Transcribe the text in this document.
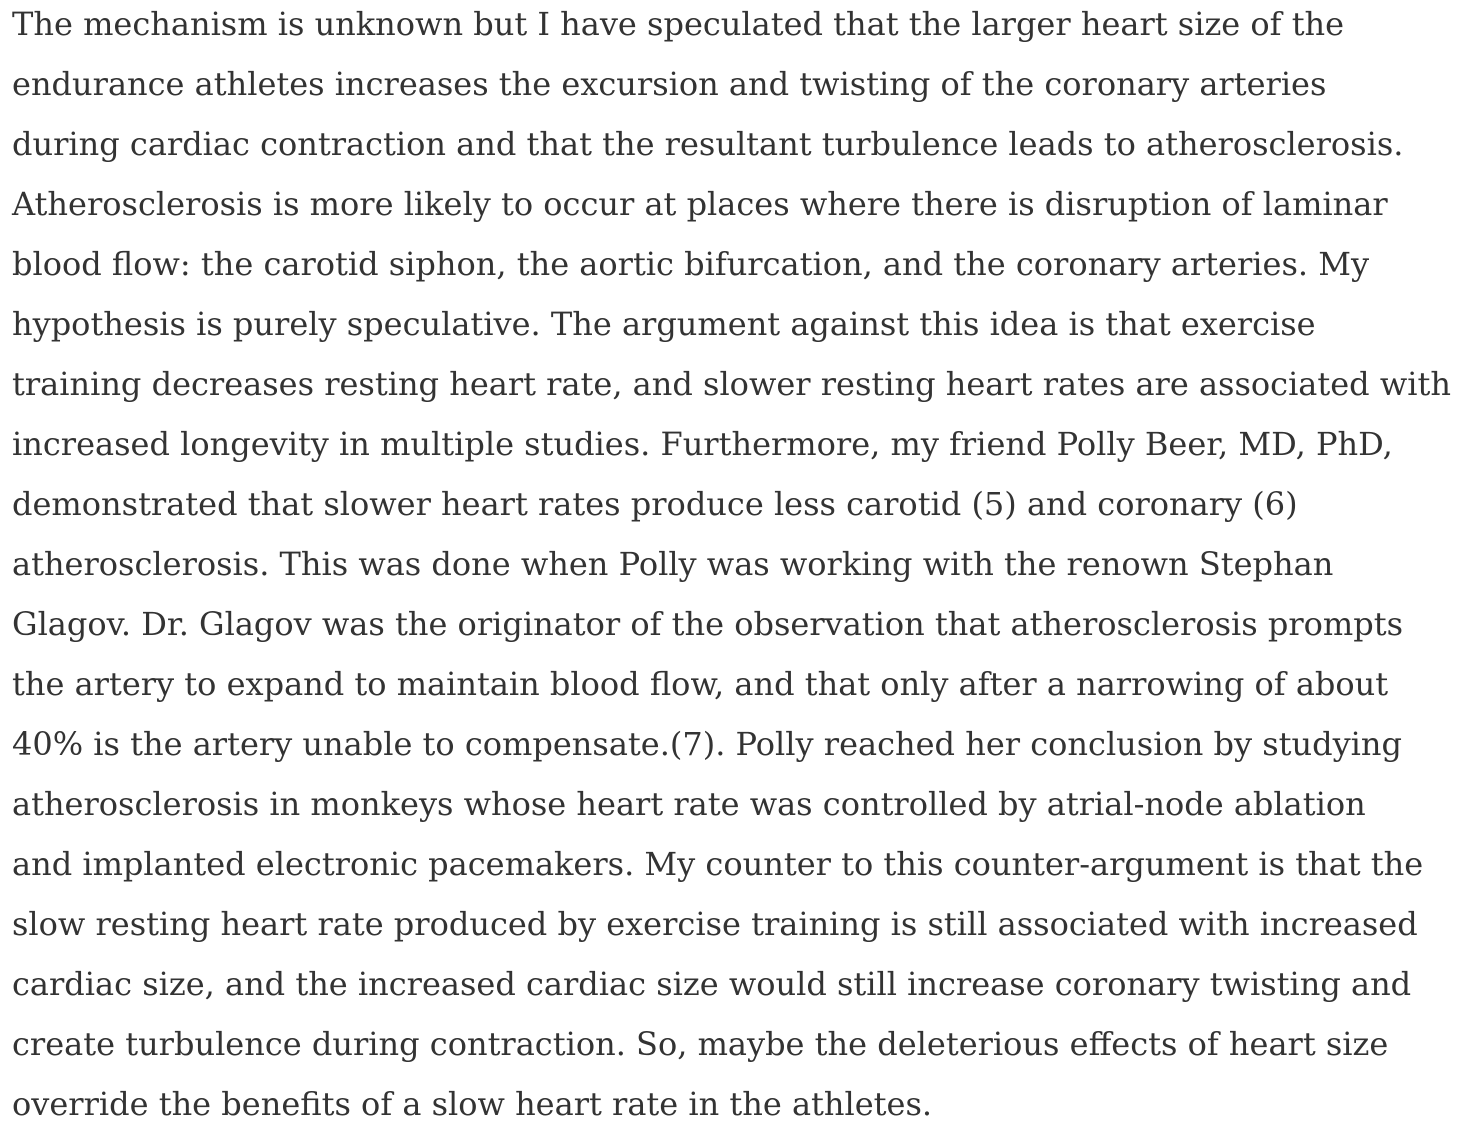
The mechanism is unknown but I have speculated that the larger heart size of the
endurance athletes increases the excursion and twisting of the coronary arteries
during cardiac contraction and that the resultant turbulence leads to atherosclerosis.
Atherosclerosis is more likely to occur at places where there is disruption of laminar
blood flow: the carotid siphon, the aortic bifurcation, and the coronary arteries. My
hypothesis is purely speculative. The argument against this idea is that exercise
training decreases resting heart rate, and slower resting heart rates are associated with
increased longevity in multiple studies. Furthermore, my friend Polly Beer, MD, PhD,
demonstrated that slower heart rates produce less carotid (5) and coronary (6)
atherosclerosis. This was done when Polly was working with the renown Stephan
Glagov. Dr. Glagov was the originator of the observation that atherosclerosis prompts
the artery to expand to maintain blood flow, and that only after a narrowing of about
40% is the artery unable to compensate.(7). Polly reached her conclusion by studying
atherosclerosis in monkeys whose heart rate was controlled by atrial-node ablation
and implanted electronic pacemakers. My counter to this counter-argument is that the
slow resting heart rate produced by exercise training is still associated with increased
cardiac size, and the increased cardiac size would still increase coronary twisting and
create turbulence during contraction. So, maybe the deleterious effects of heart size
override the benefits of a slow heart rate in the athletes.
